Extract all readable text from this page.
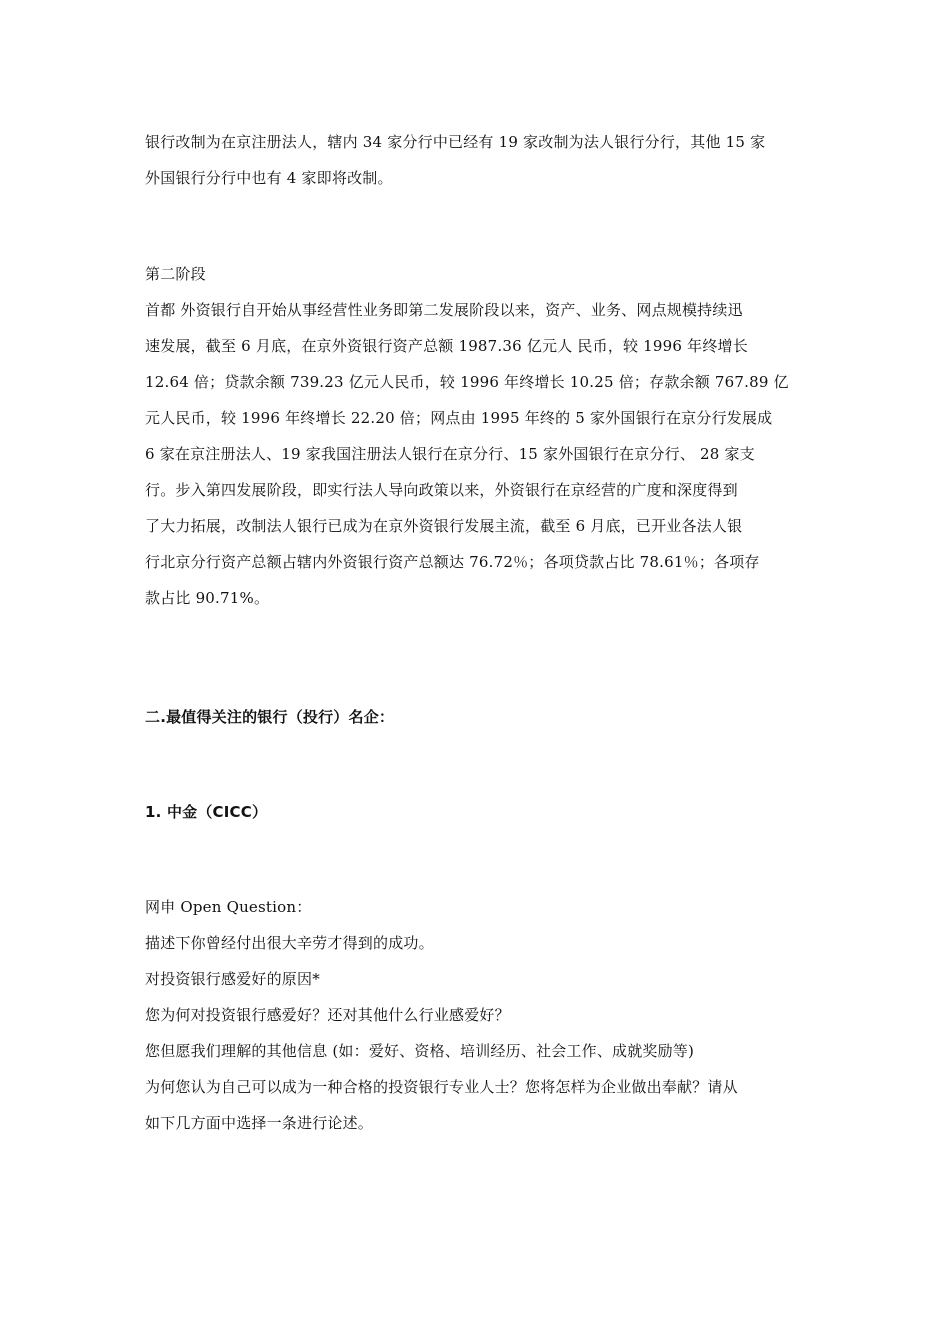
银行改制为在京注册法人，辖内 34 家分行中已经有 19 家改制为法人银行分行，其他 15 家
外国银行分行中也有 4 家即将改制。
第二阶段
首都 外资银行自开始从事经营性业务即第二发展阶段以来，资产、业务、网点规模持续迅
速发展，截至 6 月底，在京外资银行资产总额 1987.36 亿元人 民币，较 1996 年终增长
12.64 倍；贷款余额 739.23 亿元人民币，较 1996 年终增长 10.25 倍；存款余额 767.89 亿
元人民币，较 1996 年终增长 22.20 倍；网点由 1995 年终的 5 家外国银行在京分行发展成
6 家在京注册法人、19 家我国注册法人银行在京分行、15 家外国银行在京分行、 28 家支
行。步入第四发展阶段，即实行法人导向政策以来，外资银行在京经营的广度和深度得到
了大力拓展，改制法人银行已成为在京外资银行发展主流，截至 6 月底，已开业各法人银
行北京分行资产总额占辖内外资银行资产总额达 76.72％；各项贷款占比 78.61％；各项存
款占比 90.71%。
二.最值得关注的银行（投行）名企：
1. 中金（CICC）
网申 Open Question：
描述下你曾经付出很大辛劳才得到的成功。
对投资银行感爱好的原因*
您为何对投资银行感爱好？还对其他什么行业感爱好？
您但愿我们理解的其他信息 (如：爱好、资格、培训经历、社会工作、成就奖励等)
为何您认为自己可以成为一种合格的投资银行专业人士？您将怎样为企业做出奉献？请从
如下几方面中选择一条进行论述。
